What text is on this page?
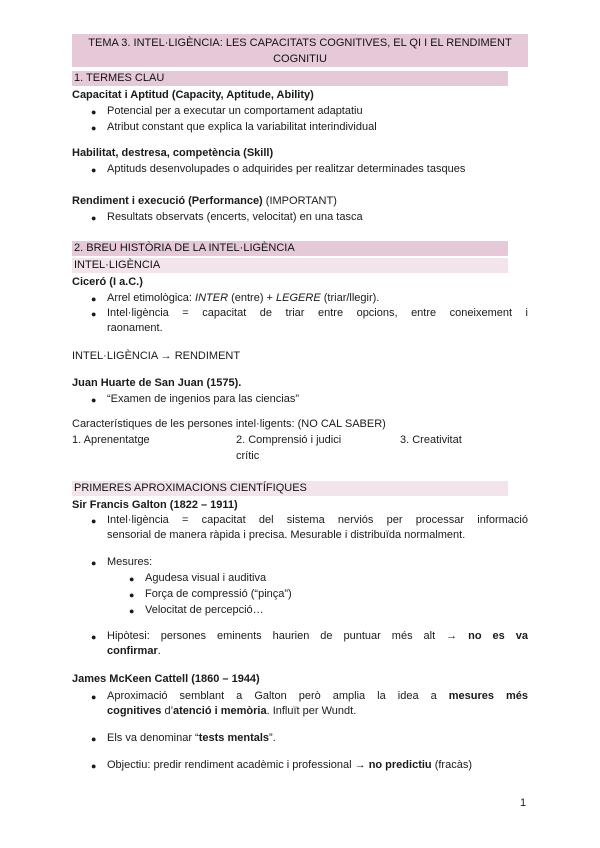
TEMA 3. INTEL·LIGÈNCIA: LES CAPACITATS COGNITIVES, EL QI I EL RENDIMENT
COGNITIU
1. TERMES CLAU
Capacitat i Aptitud (Capacity, Aptitude, Ability)
● Potencial per a executar un comportament adaptatiu
● Atribut constant que explica la variabilitat interindividual
Habilitat, destresa, competència (Skill)
● Aptituds desenvolupades o adquirides per realitzar determinades tasques
Rendiment i execució (Performance) (IMPORTANT)
● Resultats observats (encerts, velocitat) en una tasca
2. BREU HISTÒRIA DE LA INTEL·LIGÈNCIA
INTEL·LIGÈNCIA
Ciceró (I a.C.)
● Arrel etimològica: INTER (entre) + LEGERE (triar/llegir).
● Intel·ligència = capacitat de triar entre opcions, entre coneixement i
raonament.
INTEL·LIGÈNCIA → RENDIMENT
Juan Huarte de San Juan (1575).
● “Examen de ingenios para las ciencias”
Característiques de les persones intel·ligents: (NO CAL SABER)
1. Aprenentatge	2. Comprensió i judici
crític
3. Creativitat
PRIMERES APROXIMACIONS CIENTÍFIQUES
Sir Francis Galton (1822 – 1911)
● Intel·ligència = capacitat del sistema nerviós per processar informació
sensorial de manera ràpida i precisa. Mesurable i distribuïda normalment.
● Mesures:
● Agudesa visual i auditiva
● Força de compressió (“pinça”)
● Velocitat de percepció…
● Hipòtesi: persones eminents haurien de puntuar més alt → no es va
confirmar.
James McKeen Cattell (1860 – 1944)
● Aproximació semblant a Galton però amplia la idea a mesures més
cognitives d’atenció i memòria. Influït per Wundt.
● Els va denominar “tests mentals”.
● Objectiu: predir rendiment acadèmic i professional → no predictiu (fracàs)
1
